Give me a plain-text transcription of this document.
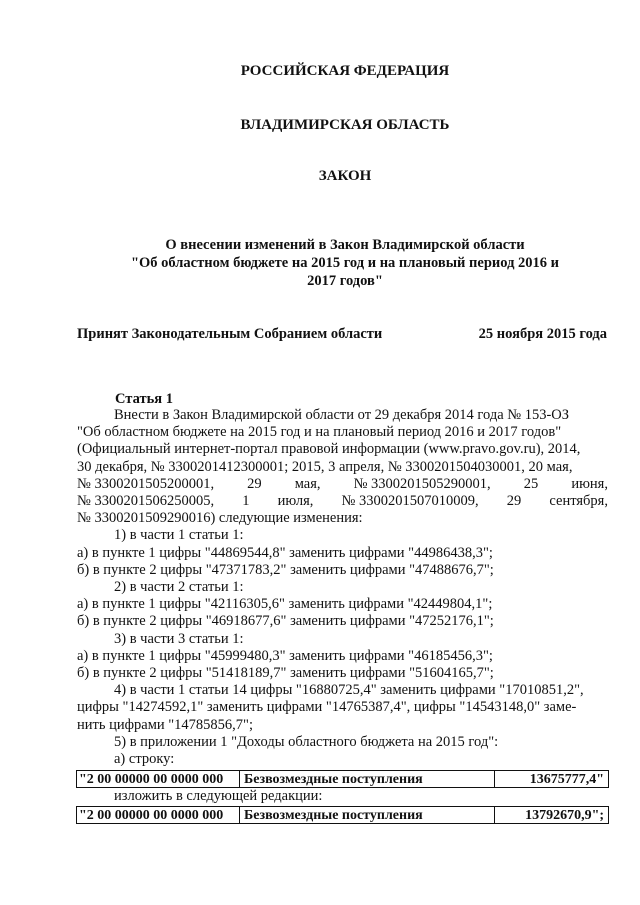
РОССИЙСКАЯ ФЕДЕРАЦИЯ

ВЛАДИМИРСКАЯ ОБЛАСТЬ

ЗАКОН

О внесении изменений в Закон Владимирской области
"Об областном бюджете на 2015 год и на плановый период 2016 и
2017 годов"
Принят Законодательным Собранием области	25 ноября 2015 года
Статья 1

Внести в Закон Владимирской области от 29 декабря 2014 года № 153-ОЗ

"Об областном бюджете на 2015 год и на плановый период 2016 и 2017 годов"

(Официальный интернет-портал правовой информации (www.pravo.gov.ru), 2014,

30 декабря, № 3300201412300001; 2015, 3 апреля, № 3300201504030001, 20 мая,

№ 3300201505200001, 29 мая, № 3300201505290001, 25 июня,
№ 3300201506250005, 1 июля, № 3300201507010009, 29 сентября,

№ 3300201509290016) следующие изменения:

1) в части 1 статьи 1:

а) в пункте 1 цифры "44869544,8" заменить цифрами "44986438,3";

б) в пункте 2 цифры "47371783,2" заменить цифрами "47488676,7";

2) в части 2 статьи 1:

а) в пункте 1 цифры "42116305,6" заменить цифрами "42449804,1";

б) в пункте 2 цифры "46918677,6" заменить цифрами "47252176,1";

3) в части 3 статьи 1:

а) в пункте 1 цифры "45999480,3" заменить цифрами "46185456,3";

б) в пункте 2 цифры "51418189,7" заменить цифрами "51604165,7";

4) в части 1 статьи 14 цифры "16880725,4" заменить цифрами "17010851,2",

цифры "14274592,1" заменить цифрами "14765387,4", цифры "14543148,0" заме-

нить цифрами "14785856,7";

5) в приложении 1 "Доходы областного бюджета на 2015 год":

а) строку:

"2 00 00000 00 0000 000	Безвозмездные поступления	13675777,4"
изложить в следующей редакции:
"2 00 00000 00 0000 000	Безвозмездные поступления	13792670,9";
